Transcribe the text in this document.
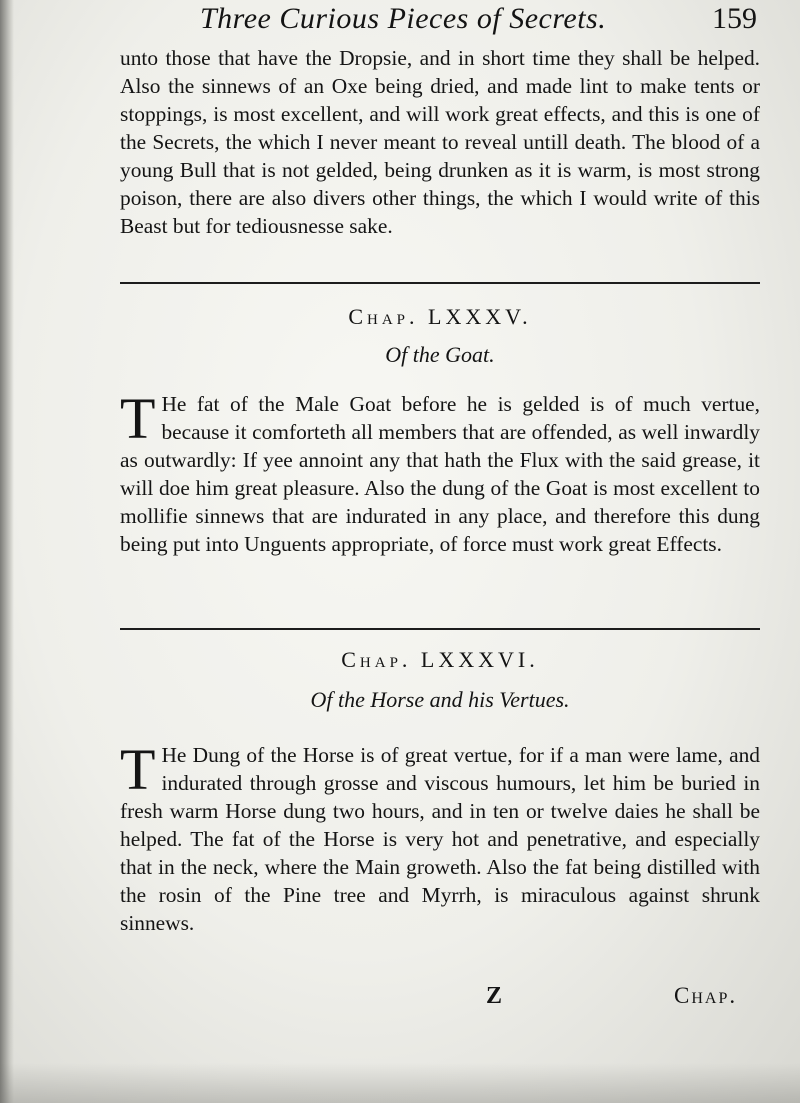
Three Curious Pieces of Secrets.	159

unto those that have the Dropsie, and in short time they shall be helped. Also the sinnews of an Oxe being dried, and made lint to make tents or stoppings, is most excellent, and will work great effects, and this is one of the Secrets, the which I never meant to reveal untill death. The blood of a young Bull that is not gelded, being drunken as it is warm, is most strong poison, there are also divers other things, the which I would write of this Beast but for tediousnesse sake.

Chap. LXXXV.
Of the Goat.
T He fat of the Male Goat before he is gelded is of much vertue, because it comforteth all members that are offended, as well inwardly as outwardly: If yee annoint any that hath the Flux with the said grease, it will doe him great pleasure. Also the dung of the Goat is most excellent to mollifie sinnews that are indurated in any place, and therefore this dung being put into Unguents appropriate, of force must work great Effects.
Chap. LXXXVI.
Of the Horse and his Vertues.
T He Dung of the Horse is of great vertue, for if a man were lame, and indurated through grosse and viscous humours, let him be buried in fresh warm Horse dung two hours, and in ten or twelve daies he shall be helped. The fat of the Horse is very hot and penetrative, and especially that in the neck, where the Main groweth. Also the fat being distilled with the rosin of the Pine tree and Myrrh, is miraculous against shrunk sinnews.
Z	Chap.
